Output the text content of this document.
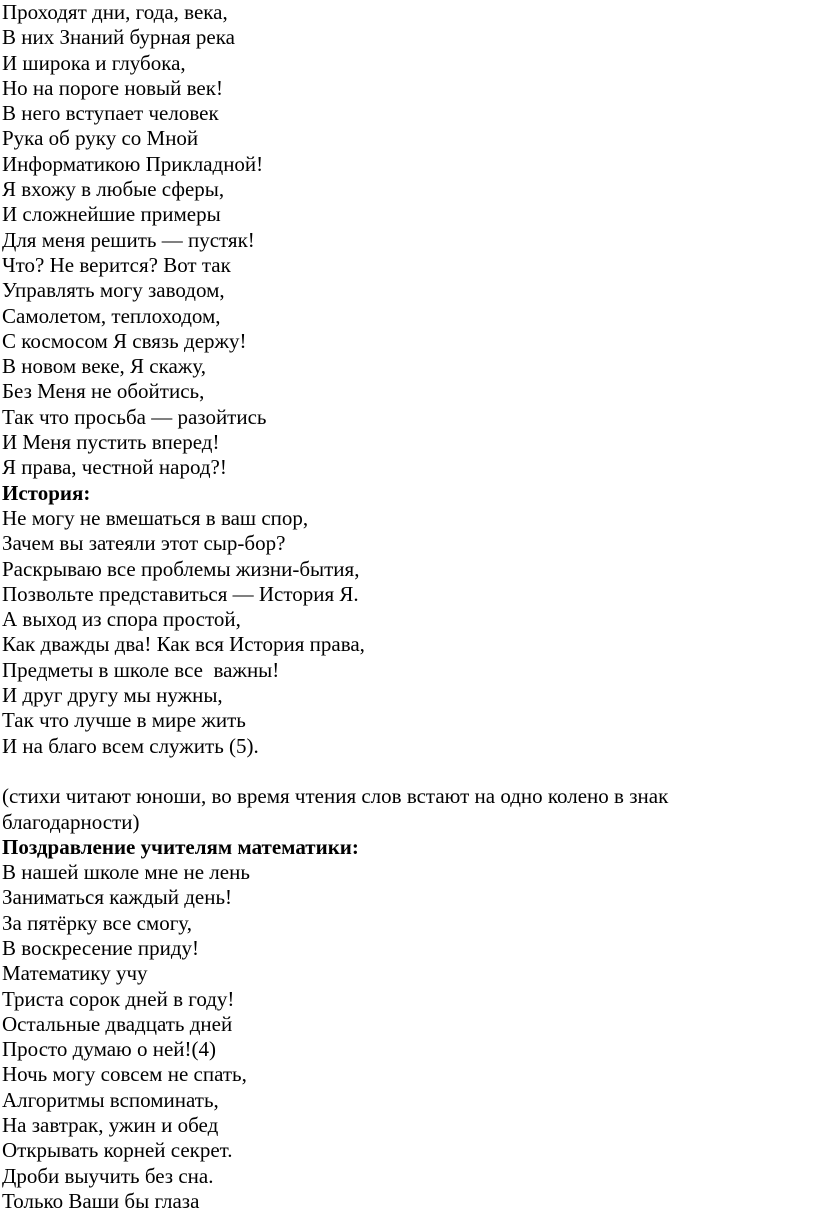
Проходят дни, года, века,
В них Знаний бурная река
И широка и глубока,
Но на пороге новый век!
В него вступает человек
Рука об руку со Мной
Информатикою Прикладной!
Я вхожу в любые сферы,
И сложнейшие примеры
Для меня решить — пустяк!
Что? Не верится? Вот так
Управлять могу заводом,
Самолетом, теплоходом,
С космосом Я связь держу!
В новом веке, Я скажу,
Без Меня не обойтись,
Так что просьба — разойтись
И Меня пустить вперед!
Я права, честной народ?!
История:
Не могу не вмешаться в ваш спор,
Зачем вы затеяли этот сыр-бор?
Раскрываю все проблемы жизни-бытия,
Позвольте представиться — История Я.
А выход из спора простой,
Как дважды два! Как вся История права,
Предметы в школе все  важны!
И друг другу мы нужны,
Так что лучше в мире жить
И на благо всем служить (5).
(стихи читают юноши, во время чтения слов встают на одно колено в знак благодарности)
Поздравление учителям математики:
В нашей школе мне не лень
Заниматься каждый день!
За пятёрку все смогу,
В воскресение приду!
Математику учу
Триста сорок дней в году!
Остальные двадцать дней
Просто думаю о ней!(4)
Ночь могу совсем не спать,
Алгоритмы вспоминать,
На завтрак, ужин и обед
Открывать корней секрет.
Дроби выучить без сна.
Только Ваши бы глаза
